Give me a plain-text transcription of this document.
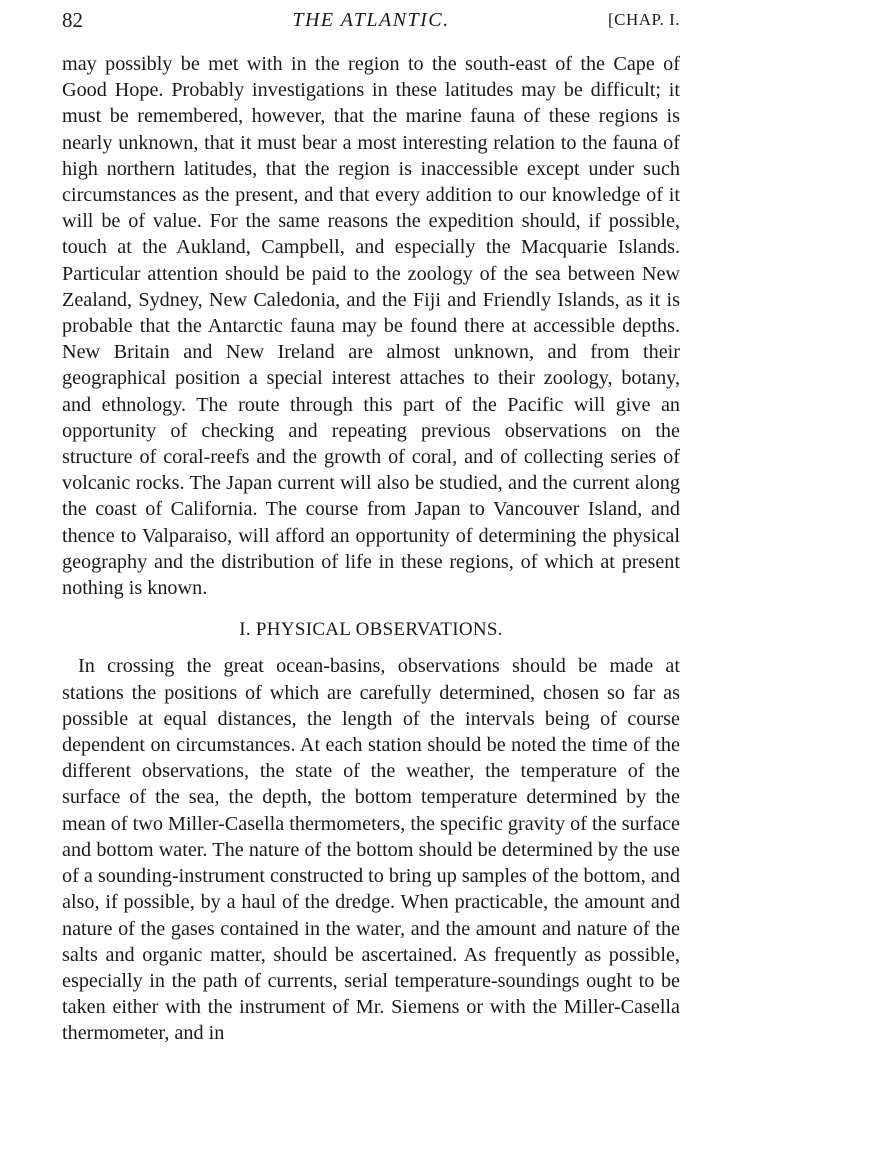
82	THE ATLANTIC.	[CHAP. I.

may possibly be met with in the region to the south-east of the Cape of Good Hope. Probably investigations in these latitudes may be difficult; it must be remembered, however, that the marine fauna of these regions is nearly unknown, that it must bear a most interesting relation to the fauna of high northern latitudes, that the region is inaccessible except under such circumstances as the present, and that every addition to our knowledge of it will be of value. For the same reasons the expedition should, if possible, touch at the Aukland, Campbell, and especially the Macquarie Islands. Particular attention should be paid to the zoology of the sea between New Zealand, Sydney, New Caledonia, and the Fiji and Friendly Islands, as it is probable that the Antarctic fauna may be found there at accessible depths. New Britain and New Ireland are almost unknown, and from their geographical position a special interest attaches to their zoology, botany, and ethnology. The route through this part of the Pacific will give an opportunity of checking and repeating previous observations on the structure of coral-reefs and the growth of coral, and of collecting series of volcanic rocks. The Japan current will also be studied, and the current along the coast of California. The course from Japan to Vancouver Island, and thence to Valparaiso, will afford an opportunity of determining the physical geography and the distribution of life in these regions, of which at present nothing is known.

I. PHYSICAL OBSERVATIONS.

In crossing the great ocean-basins, observations should be made at stations the positions of which are carefully determined, chosen so far as possible at equal distances, the length of the intervals being of course dependent on circumstances. At each station should be noted the time of the different observations, the state of the weather, the temperature of the surface of the sea, the depth, the bottom temperature determined by the mean of two Miller-Casella thermometers, the specific gravity of the surface and bottom water. The nature of the bottom should be determined by the use of a sounding-instrument constructed to bring up samples of the bottom, and also, if possible, by a haul of the dredge. When practicable, the amount and nature of the gases contained in the water, and the amount and nature of the salts and organic matter, should be ascertained. As frequently as possible, especially in the path of currents, serial temperature-soundings ought to be taken either with the instrument of Mr. Siemens or with the Miller-Casella thermometer, and in
